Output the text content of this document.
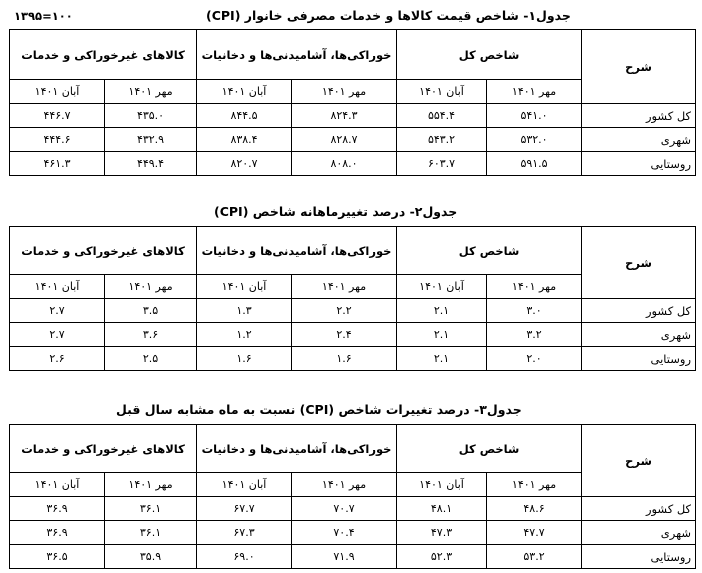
۱۰۰=۱۳۹۵	جدول۱- شاخص قیمت کالاها و خدمات مصرفی خانوار (CPI)
شرح	شاخص کل		خوراکی‌ها، آشامیدنی‌ها و دخانیات		کالاهای غیرخوراکی و خدمات	
	مهر ۱۴۰۱	آبان ۱۴۰۱	مهر ۱۴۰۱	آبان ۱۴۰۱	مهر ۱۴۰۱	آبان ۱۴۰۱
کل کشور	۵۴۱.۰	۵۵۴.۴	۸۲۴.۳	۸۴۴.۵	۴۳۵.۰	۴۴۶.۷
شهری	۵۳۲.۰	۵۴۳.۲	۸۲۸.۷	۸۳۸.۴	۴۳۲.۹	۴۴۴.۶
روستایی	۵۹۱.۵	۶۰۳.۷	۸۰۸.۰	۸۲۰.۷	۴۴۹.۴	۴۶۱.۳
جدول۲- درصد تغییرماهانه شاخص (CPI)
شرح	شاخص کل		خوراکی‌ها، آشامیدنی‌ها و دخانیات		کالاهای غیرخوراکی و خدمات	
	مهر ۱۴۰۱	آبان ۱۴۰۱	مهر ۱۴۰۱	آبان ۱۴۰۱	مهر ۱۴۰۱	آبان ۱۴۰۱
کل کشور	۳.۰	۲.۱	۲.۲	۱.۳	۳.۵	۲.۷
شهری	۳.۲	۲.۱	۲.۴	۱.۲	۳.۶	۲.۷
روستایی	۲.۰	۲.۱	۱.۶	۱.۶	۲.۵	۲.۶
جدول۳- درصد تغییرات شاخص (CPI) نسبت به ماه مشابه سال قبل
شرح	شاخص کل		خوراکی‌ها، آشامیدنی‌ها و دخانیات		کالاهای غیرخوراکی و خدمات	
	مهر ۱۴۰۱	آبان ۱۴۰۱	مهر ۱۴۰۱	آبان ۱۴۰۱	مهر ۱۴۰۱	آبان ۱۴۰۱
کل کشور	۴۸.۶	۴۸.۱	۷۰.۷	۶۷.۷	۳۶.۱	۳۶.۹
شهری	۴۷.۷	۴۷.۳	۷۰.۴	۶۷.۳	۳۶.۱	۳۶.۹
روستایی	۵۳.۲	۵۲.۳	۷۱.۹	۶۹.۰	۳۵.۹	۳۶.۵
